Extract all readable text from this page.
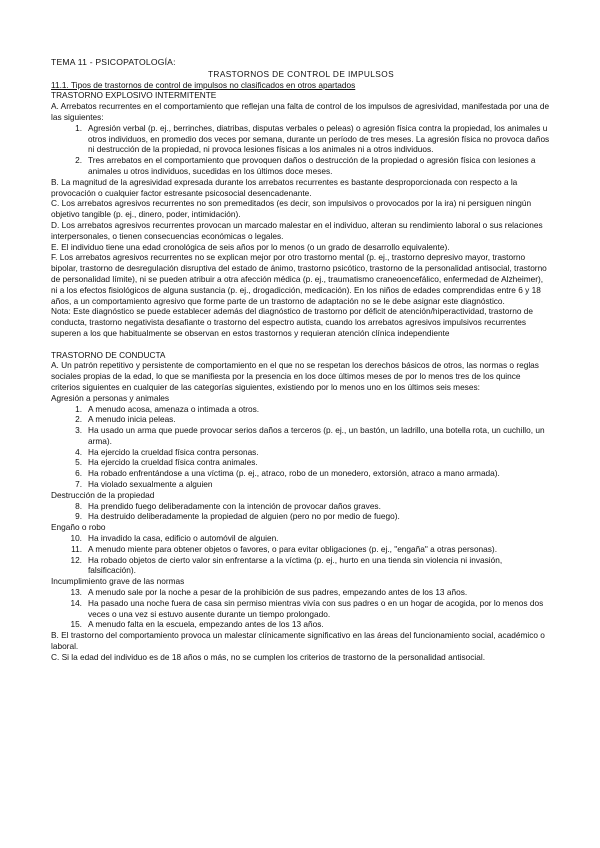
TEMA 11 - PSICOPATOLOGÍA:

TRASTORNOS DE CONTROL DE IMPULSOS

11.1. Tipos de trastornos de control de impulsos no clasificados en otros apartados

TRASTORNO EXPLOSIVO INTERMITENTE

A. Arrebatos recurrentes en el comportamiento que reflejan una falta de control de los impulsos de agresividad, manifestada por una de las siguientes:

1. Agresión verbal (p. ej., berrinches, diatribas, disputas verbales o peleas) o agresión física contra la propiedad, los animales u otros individuos, en promedio dos veces por semana, durante un período de tres meses. La agresión física no provoca daños ni destrucción de la propiedad, ni provoca lesiones físicas a los animales ni a otros individuos.
2. Tres arrebatos en el comportamiento que provoquen daños o destrucción de la propiedad o agresión física con lesiones a animales u otros individuos, sucedidas en los últimos doce meses.

B. La magnitud de la agresividad expresada durante los arrebatos recurrentes es bastante desproporcionada con respecto a la provocación o cualquier factor estresante psicosocial desencadenante.

C. Los arrebatos agresivos recurrentes no son premeditados (es decir, son impulsivos o provocados por la ira) ni persiguen ningún objetivo tangible (p. ej., dinero, poder, intimidación).

D. Los arrebatos agresivos recurrentes provocan un marcado malestar en el individuo, alteran su rendimiento laboral o sus relaciones interpersonales, o tienen consecuencias económicas o legales.

E. El individuo tiene una edad cronológica de seis años por lo menos (o un grado de desarrollo equivalente).

F. Los arrebatos agresivos recurrentes no se explican mejor por otro trastorno mental (p. ej., trastorno depresivo mayor, trastorno bipolar, trastorno de desregulación disruptiva del estado de ánimo, trastorno psicótico, trastorno de la personalidad antisocial, trastorno de personalidad límite), ni se pueden atribuir a otra afección médica (p. ej., traumatismo craneoencefálico, enfermedad de Alzheimer), ni a los efectos fisiológicos de alguna sustancia (p. ej., drogadicción, medicación). En los niños de edades comprendidas entre 6 y 18 años, a un comportamiento agresivo que forme parte de un trastorno de adaptación no se le debe asignar este diagnóstico.

Nota: Este diagnóstico se puede establecer además del diagnóstico de trastorno por déficit de atención/hiperactividad, trastorno de conducta, trastorno negativista desafiante o trastorno del espectro autista, cuando los arrebatos agresivos impulsivos recurrentes superen a los que habitualmente se observan en estos trastornos y requieran atención clínica independiente

TRASTORNO DE CONDUCTA

A. Un patrón repetitivo y persistente de comportamiento en el que no se respetan los derechos básicos de otros, las normas o reglas sociales propias de la edad, lo que se manifiesta por la presencia en los doce últimos meses de por lo menos tres de los quince criterios siguientes en cualquier de las categorías siguientes, existiendo por lo menos uno en los últimos seis meses:

Agresión a personas y animales

1. A menudo acosa, amenaza o intimada a otros.
2. A menudo inicia peleas.
3. Ha usado un arma que puede provocar serios daños a terceros (p. ej., un bastón, un ladrillo, una botella rota, un cuchillo, un arma).
4. Ha ejercido la crueldad física contra personas.
5. Ha ejercido la crueldad física contra animales.
6. Ha robado enfrentándose a una víctima (p. ej., atraco, robo de un monedero, extorsión, atraco a mano armada).
7. Ha violado sexualmente a alguien

Destrucción de la propiedad

8. Ha prendido fuego deliberadamente con la intención de provocar daños graves.
9. Ha destruido deliberadamente la propiedad de alguien (pero no por medio de fuego).

Engaño o robo

10. Ha invadido la casa, edificio o automóvil de alguien.
11. A menudo miente para obtener objetos o favores, o para evitar obligaciones (p. ej., "engaña" a otras personas).
12. Ha robado objetos de cierto valor sin enfrentarse a la víctima (p. ej., hurto en una tienda sin violencia ni invasión, falsificación).

Incumplimiento grave de las normas

13. A menudo sale por la noche a pesar de la prohibición de sus padres, empezando antes de los 13 años.
14. Ha pasado una noche fuera de casa sin permiso mientras vivía con sus padres o en un hogar de acogida, por lo menos dos veces o una vez si estuvo ausente durante un tiempo prolongado.
15. A menudo falta en la escuela, empezando antes de los 13 años.

B. El trastorno del comportamiento provoca un malestar clínicamente significativo en las áreas del funcionamiento social, académico o laboral.

C. Si la edad del individuo es de 18 años o más, no se cumplen los criterios de trastorno de la personalidad antisocial.
